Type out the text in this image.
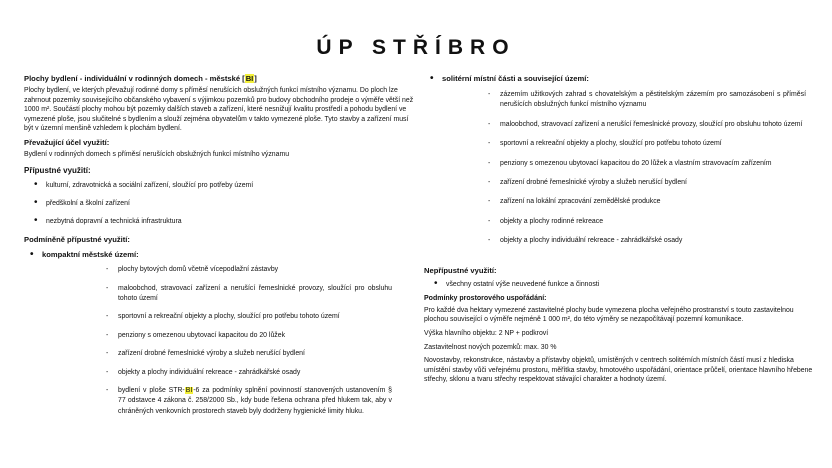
ÚP STŘÍBRO
Plochy bydlení - individuální v rodinných domech - městské [BI]
Plochy bydlení, ve kterých převažují rodinné domy s příměsí nerušících obslužných funkcí místního významu. Do ploch lze zahrnout pozemky souvisejícího občanského vybavení s výjimkou pozemků pro budovy obchodního prodeje o výměře větší než 1000 m². Součástí plochy mohou být pozemky dalších staveb a zařízení, které nesnižují kvalitu prostředí a pohodu bydlení ve vymezené ploše, jsou slučitelné s bydlením a slouží zejména obyvatelům v takto vymezené ploše. Tyto stavby a zařízení musí být v územní menšině vzhledem k plochám bydlení.
Převažující účel využití:
Bydlení v rodinných domech s příměsí nerušících obslužných funkcí místního významu
Přípustné využití:
• kulturní, zdravotnická a sociální zařízení, sloužící pro potřeby území
• předškolní a školní zařízení
• nezbytná dopravní a technická infrastruktura
Podmíněně přípustné využití:
• kompaktní městské území:
- plochy bytových domů včetně vícepodlažní zástavby
- maloobchod, stravovací zařízení a nerušící řemeslnické provozy, sloužící pro obsluhu tohoto území
- sportovní a rekreační objekty a plochy, sloužící pro potřebu tohoto území
- penziony s omezenou ubytovací kapacitou do 20 lůžek
- zařízení drobné řemeslnické výroby a služeb nerušící bydlení
- objekty a plochy individuální rekreace - zahrádkářské osady
- bydlení v ploše STR-BI-6 za podmínky splnění povinností stanovených ustanovením § 77 odstavce 4 zákona č. 258/2000 Sb., kdy bude řešena ochrana před hlukem tak, aby v chráněných venkovních prostorech staveb byly dodrženy hygienické limity hluku.
• solitérní místní části a související území:
- zázemím užitkových zahrad s chovatelským a pěstitelským zázemím pro samozásobení s příměsí nerušících obslužných funkcí místního významu
- maloobchod, stravovací zařízení a nerušící řemeslnické provozy, sloužící pro obsluhu tohoto území
- sportovní a rekreační objekty a plochy, sloužící pro potřebu tohoto území
- penziony s omezenou ubytovací kapacitou do 20 lůžek a vlastním stravovacím zařízením
- zařízení drobné řemeslnické výroby a služeb nerušící bydlení
- zařízení na lokální zpracování zemědělské produkce
- objekty a plochy rodinné rekreace
- objekty a plochy individuální rekreace - zahrádkářské osady
Nepřípustné využití:
• všechny ostatní výše neuvedené funkce a činnosti
Podmínky prostorového uspořádání:
Pro každé dva hektary vymezené zastavitelné plochy bude vymezena plocha veřejného prostranství s touto zastavitelnou plochou související o výměře nejméně 1 000 m², do této výměry se nezapočítávají pozemní komunikace.
Výška hlavního objektu: 2 NP + podkroví
Zastavitelnost nových pozemků: max. 30 %
Novostavby, rekonstrukce, nástavby a přístavby objektů, umístěných v centrech solitérních místních částí musí z hlediska umístění stavby vůči veřejnému prostoru, měřítka stavby, hmotového uspořádání, orientace průčelí, orientace hlavního hřebene střechy, sklonu a tvaru střechy respektovat stávající charakter a hodnoty území.
